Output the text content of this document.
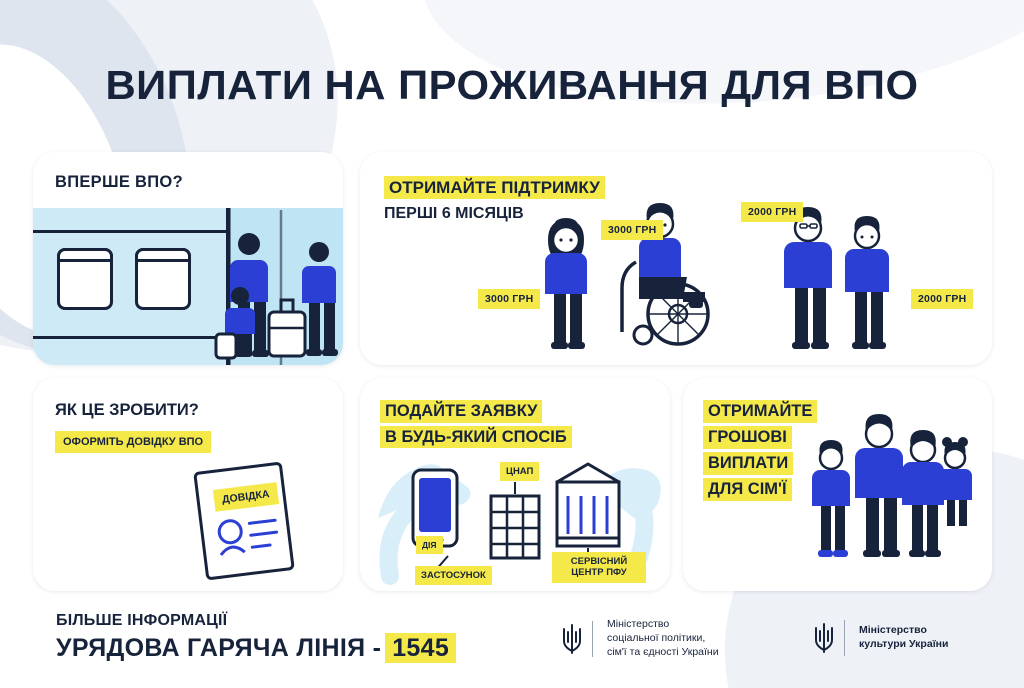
ВИПЛАТИ НА ПРОЖИВАННЯ ДЛЯ ВПО
ВПЕРШЕ ВПО?	ОТРИМАЙТЕ ПІДТРИМКУ
ПЕРШІ 6 МІСЯЦІВ
3000 ГРН
3000 ГРН
2000 ГРН
2000 ГРН
ЯК ЦЕ ЗРОБИТИ?
ОФОРМІТЬ ДОВІДКУ ВПО
ДОВІДКА
ПОДАЙТЕ ЗАЯВКУ
В БУДЬ-ЯКИЙ СПОСІБ
ДІЯ
ЗАСТОСУНОК
ЦНАП
СЕРВІСНИЙ ЦЕНТР ПФУ
ОТРИМАЙТЕ
ГРОШОВІ
ВИПЛАТИ
ДЛЯ СІМ'Ї
БІЛЬШЕ ІНФОРМАЦІЇ
УРЯДОВА ГАРЯЧА ЛІНІЯ - 1545
Міністерство
соціальної політики,
сім'ї та єдності України
Міністерство
культури України
